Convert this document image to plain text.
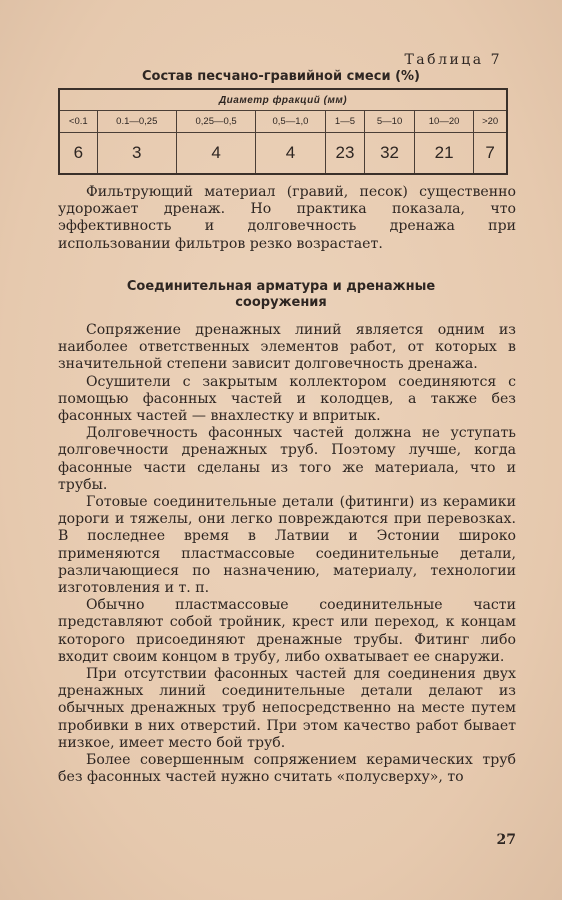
Таблица 7
Состав песчано-гравийной смеси (%)
Диаметр фракций (мм)							
<0.1	0.1—0,25	0,25—0,5	0,5—1,0	1—5	5—10	10—20	>20
6	3	4	4	23	32	21	7

Фильтрующий материал (гравий, песок) существенно удорожает дренаж. Но практика показала, что эффективность и долговечность дренажа при использовании фильтров резко возрастает.

Соединительная арматура и дренажные
сооружения

Сопряжение дренажных линий является одним из наиболее ответственных элементов работ, от которых в значительной степени зависит долговечность дренажа.

Осушители с закрытым коллектором соединяются с помощью фасонных частей и колодцев, а также без фасонных частей — внахлестку и впритык.

Долговечность фасонных частей должна не уступать долговечности дренажных труб. Поэтому лучше, когда фасонные части сделаны из того же материала, что и трубы.

Готовые соединительные детали (фитинги) из керамики дороги и тяжелы, они легко повреждаются при перевозках. В последнее время в Латвии и Эстонии широко применяются пластмассовые соединительные детали, различающиеся по назначению, материалу, технологии изготовления и т. п.

Обычно пластмассовые соединительные части представляют собой тройник, крест или переход, к концам которого присоединяют дренажные трубы. Фитинг либо входит своим концом в трубу, либо охватывает ее снаружи.

При отсутствии фасонных частей для соединения двух дренажных линий соединительные детали делают из обычных дренажных труб непосредственно на месте путем пробивки в них отверстий. При этом качество работ бывает низкое, имеет место бой труб.

Более совершенным сопряжением керамических труб без фасонных частей нужно считать «полусверху», то

27
